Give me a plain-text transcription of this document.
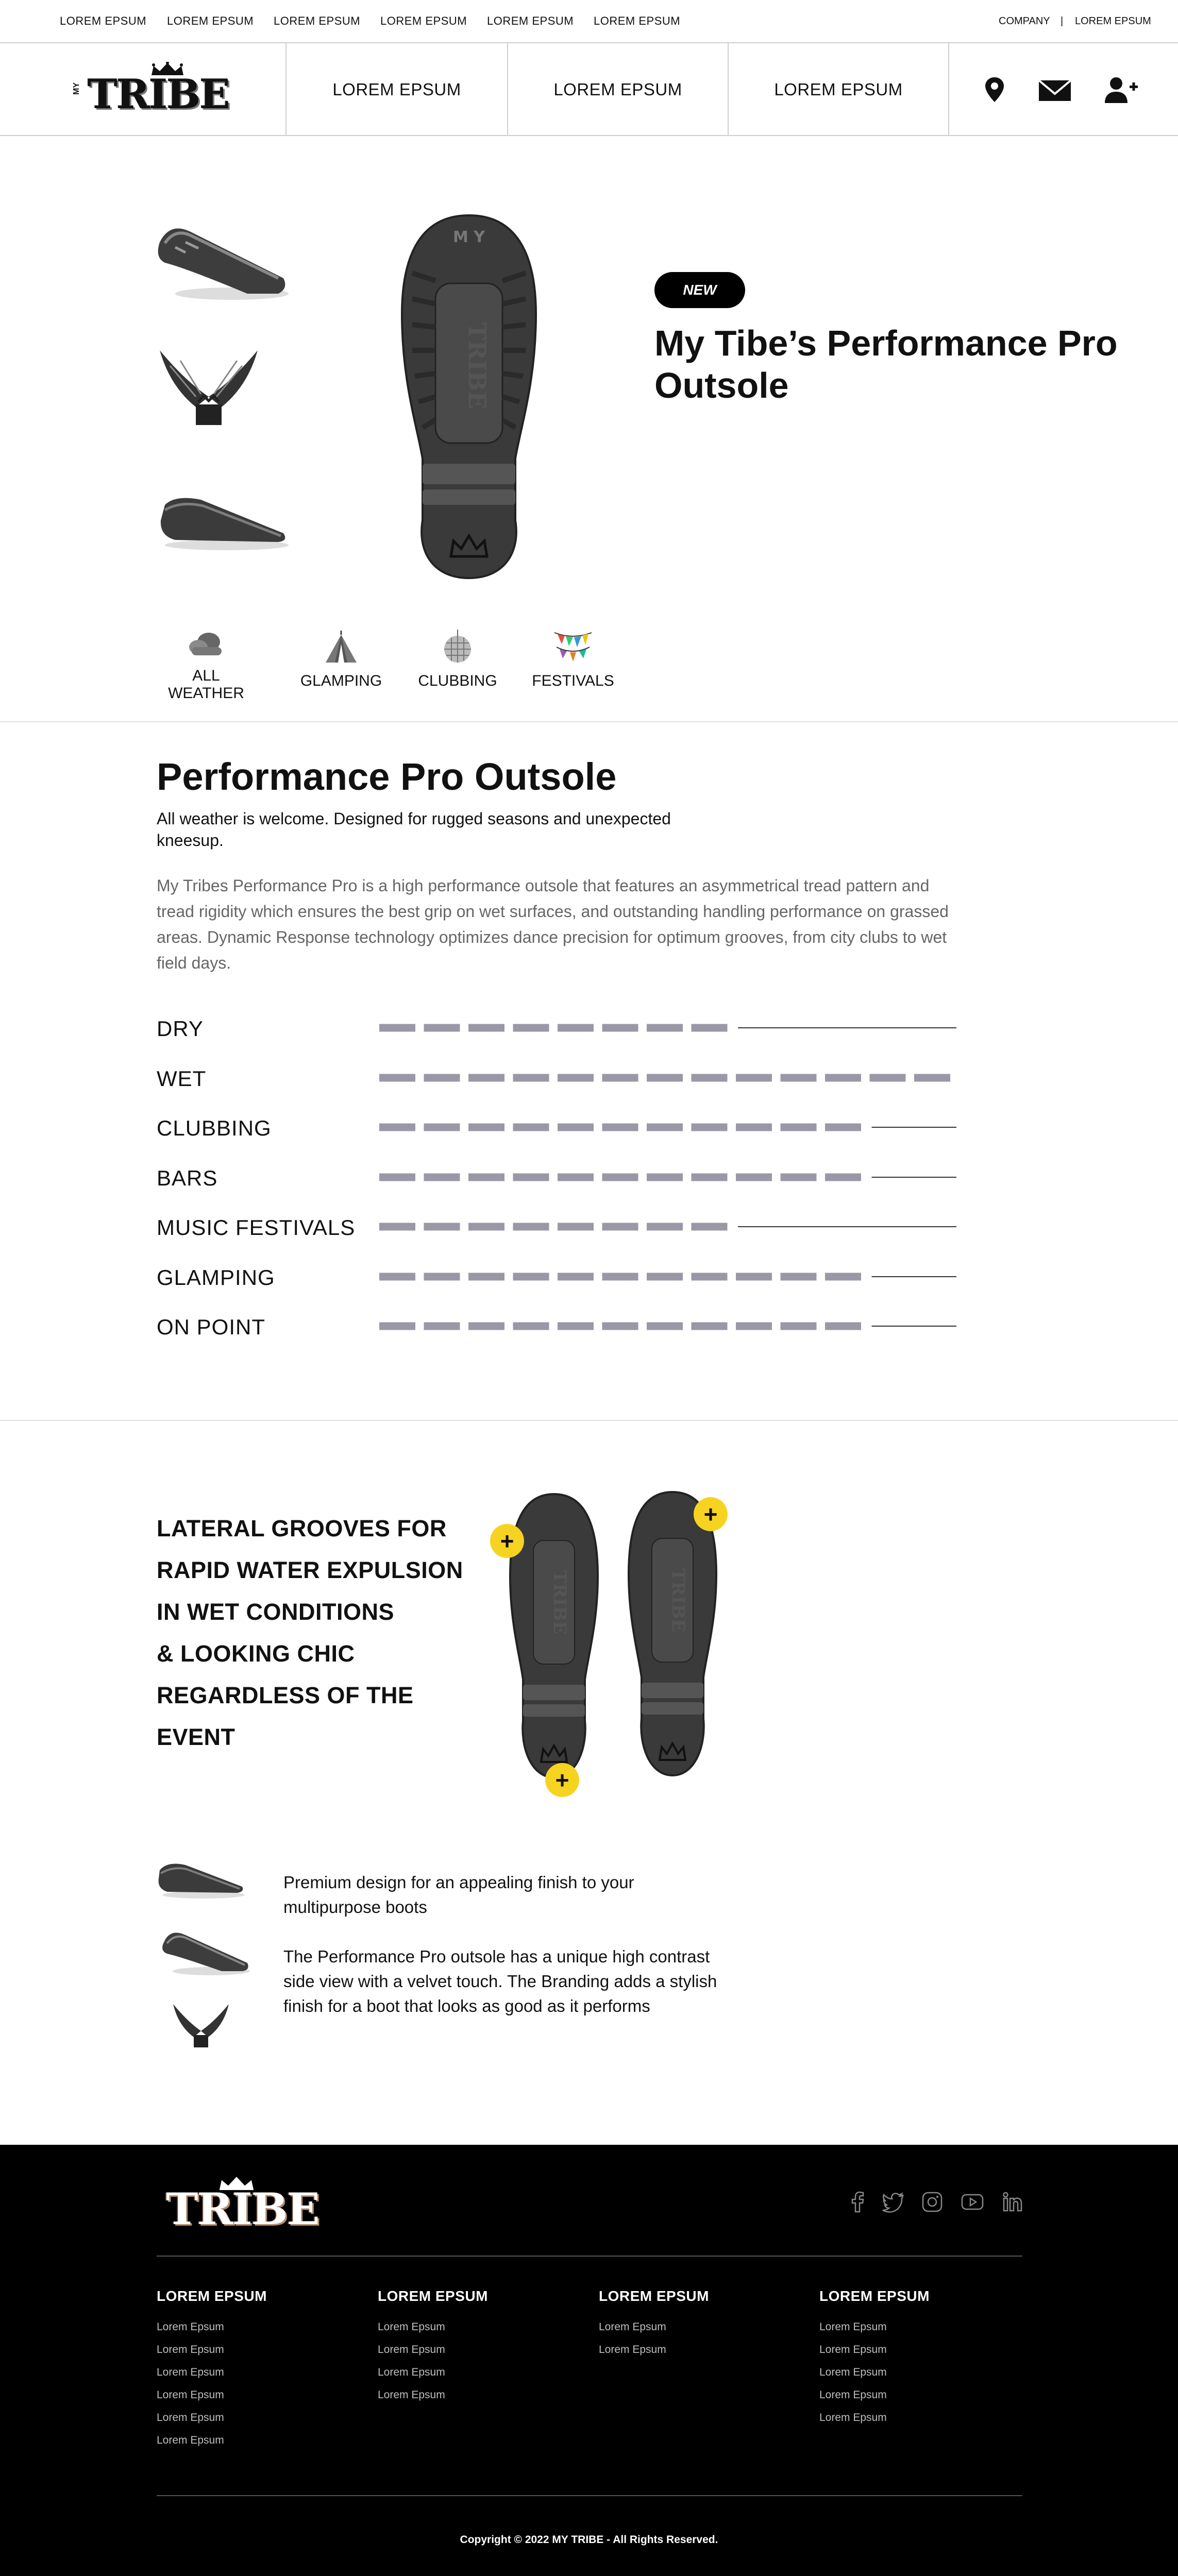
LOREM EPSUM LOREM EPSUM LOREM EPSUM LOREM EPSUM LOREM EPSUM LOREM EPSUM	COMPANY | LOREM EPSUM
MY TRIBE	LOREM EPSUM	LOREM EPSUM	LOREM EPSUM
M Y
TRIBE
NEW
My Tibe’s Performance Pro Outsole
ALL WEATHER
GLAMPING	CLUBBING	FESTIVALS
Performance Pro Outsole
All weather is welcome. Designed for rugged seasons and unexpected kneesup.
My Tribes Performance Pro is a high performance outsole that features an asymmetrical tread pattern and tread rigidity which ensures the best grip on wet surfaces, and outstanding handling performance on grassed areas. Dynamic Response technology optimizes dance precision for optimum grooves, from city clubs to wet field days.
DRY
WET
CLUBBING
BARS
MUSIC FESTIVALS
GLAMPING
ON POINT
LATERAL GROOVES FOR
RAPID WATER EXPULSION
IN WET CONDITIONS
& LOOKING CHIC
REGARDLESS OF THE
EVENT
TRIBE	TRIBE
+
+
+
Premium design for an appealing finish to your multipurpose boots
The Performance Pro outsole has a unique high contrast side view with a velvet touch. The Branding adds a stylish finish for a boot that looks as good as it performs
TRIBE
LOREM EPSUM
Lorem Epsum
Lorem Epsum
Lorem Epsum
Lorem Epsum
Lorem Epsum
Lorem Epsum
LOREM EPSUM
Lorem Epsum
Lorem Epsum
Lorem Epsum
Lorem Epsum
LOREM EPSUM
Lorem Epsum
Lorem Epsum
LOREM EPSUM
Lorem Epsum
Lorem Epsum
Lorem Epsum
Lorem Epsum
Lorem Epsum
Copyright © 2022 MY TRIBE - All Rights Reserved.
